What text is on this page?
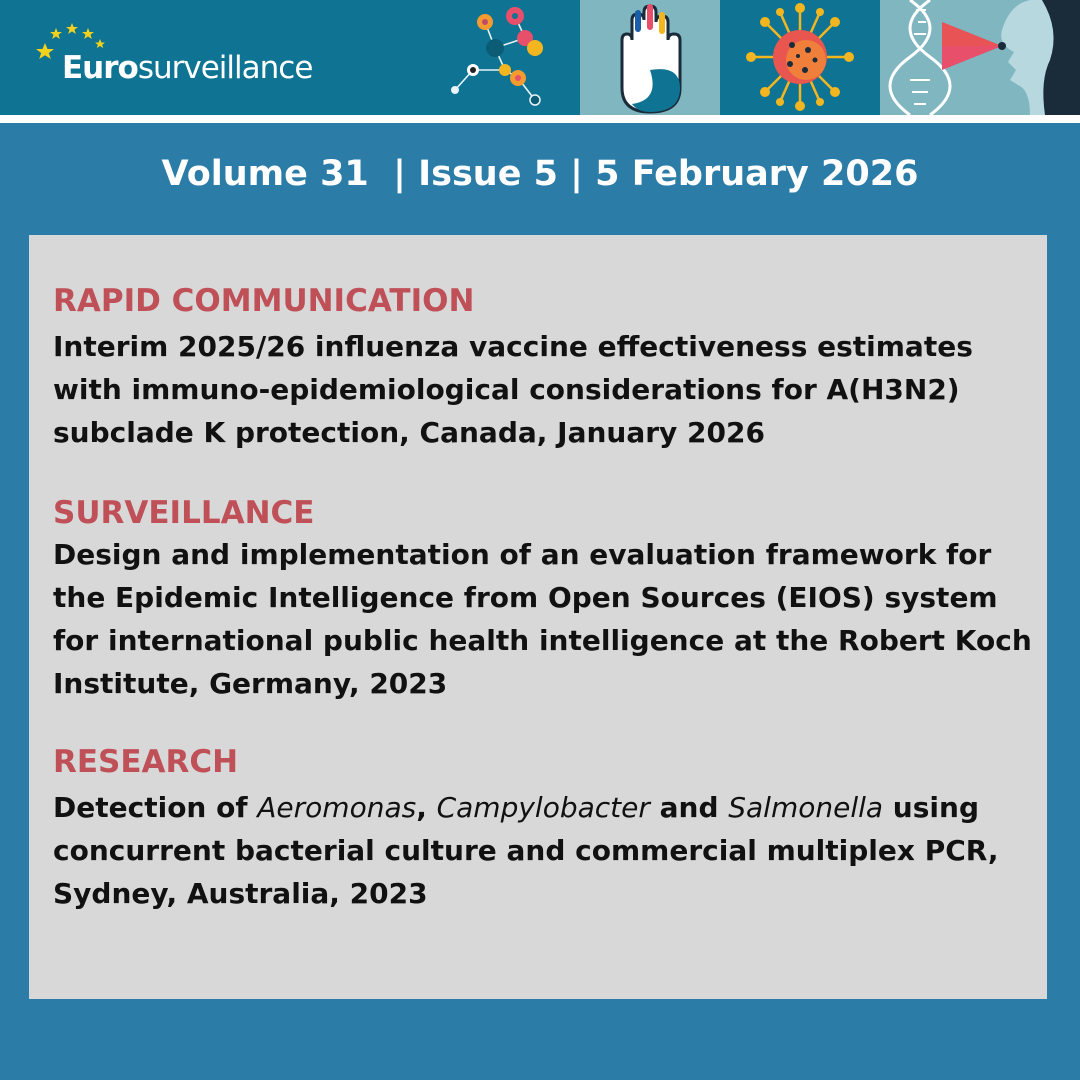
Eurosurveillance
Volume 31  | Issue 5 | 5 February 2026
RAPID COMMUNICATION
Interim 2025/26 influenza vaccine effectiveness estimates with immuno-epidemiological considerations for A(H3N2) subclade K protection, Canada, January 2026
SURVEILLANCE
Design and implementation of an evaluation framework for the Epidemic Intelligence from Open Sources (EIOS) system for international public health intelligence at the Robert Koch Institute, Germany, 2023
RESEARCH
Detection of Aeromonas, Campylobacter and Salmonella using concurrent bacterial culture and commercial multiplex PCR, Sydney, Australia, 2023
